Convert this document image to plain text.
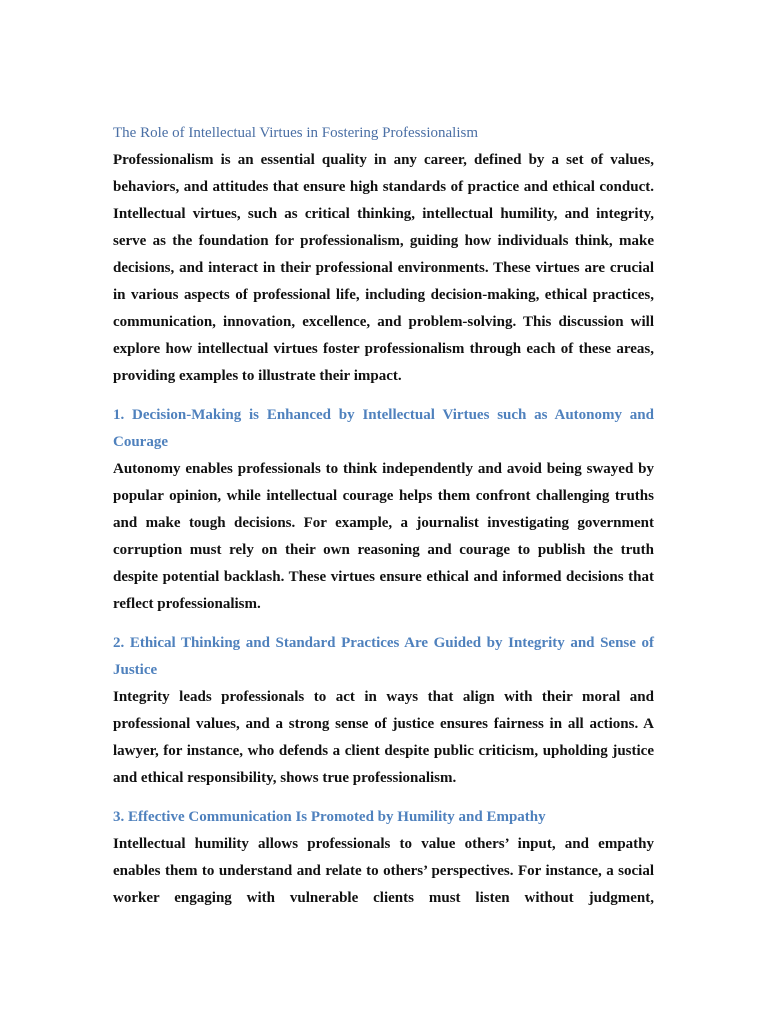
The Role of Intellectual Virtues in Fostering Professionalism

Professionalism is an essential quality in any career, defined by a set of values, behaviors, and attitudes that ensure high standards of practice and ethical conduct. Intellectual virtues, such as critical thinking, intellectual humility, and integrity, serve as the foundation for professionalism, guiding how individuals think, make decisions, and interact in their professional environments. These virtues are crucial in various aspects of professional life, including decision-making, ethical practices, communication, innovation, excellence, and problem-solving. This discussion will explore how intellectual virtues foster professionalism through each of these areas, providing examples to illustrate their impact.

1. Decision-Making is Enhanced by Intellectual Virtues such as Autonomy and Courage

Autonomy enables professionals to think independently and avoid being swayed by popular opinion, while intellectual courage helps them confront challenging truths and make tough decisions. For example, a journalist investigating government corruption must rely on their own reasoning and courage to publish the truth despite potential backlash. These virtues ensure ethical and informed decisions that reflect professionalism.

2. Ethical Thinking and Standard Practices Are Guided by Integrity and Sense of Justice

Integrity leads professionals to act in ways that align with their moral and professional values, and a strong sense of justice ensures fairness in all actions. A lawyer, for instance, who defends a client despite public criticism, upholding justice and ethical responsibility, shows true professionalism.

3. Effective Communication Is Promoted by Humility and Empathy

Intellectual humility allows professionals to value others’ input, and empathy enables them to understand and relate to others’ perspectives. For instance, a social worker engaging with vulnerable clients must listen without judgment,
